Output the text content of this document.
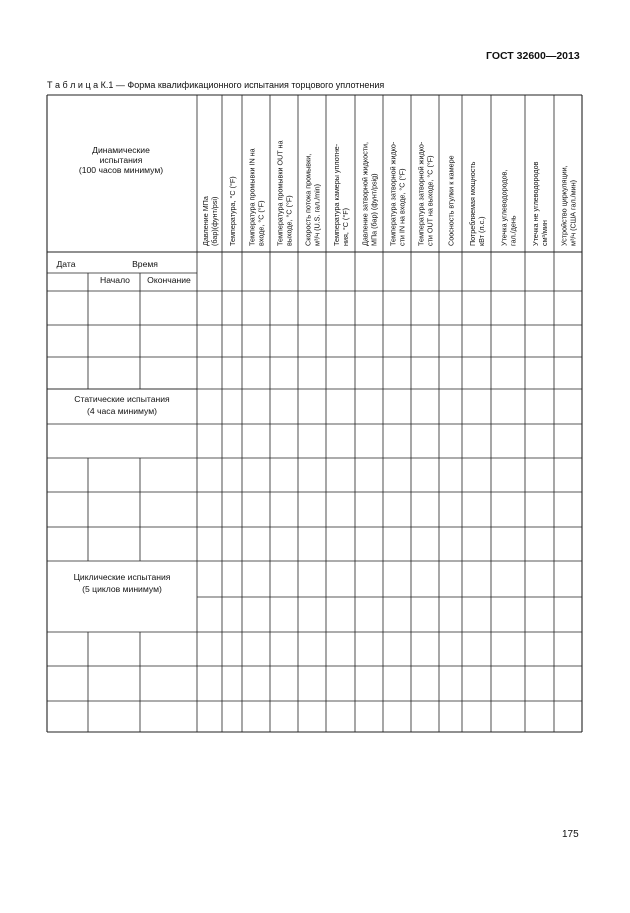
ГОСТ 32600—2013
Т а б л и ц а К.1 — Форма квалификационного испытания торцового уплотнения
Динамические
испытания
(100 часов минимум)
Дата	Время
Начало Окончание
Статические испытания
(4 часа минимум)
Циклические испытания
(5 циклов минимум)
Давление МПа (бар)(фунт/psi) Температура, °С (°F) Температура промывки IN на входе, °С (°F) Температура промывки OUT на выходе, °С (°F) Скорость потока промывки, м³/ч (U.S. гал./min) Температура камеры уплотне- ния, °С (°F) Давление затворной жидкости, МПа (бар) (фунт/psig) Температура затворной жидко- сти IN на входе, °С (°F) Температура затворной жидко- сти OUT на выходе, °С (°F) Соосность втулки к камере Потребляемая мощность кВт (л.с.) Утечка углеводородов, гал./день Утечка не углеводородов см³/мин Устройство циркуляции, м³/ч (США гал./мин)
175
